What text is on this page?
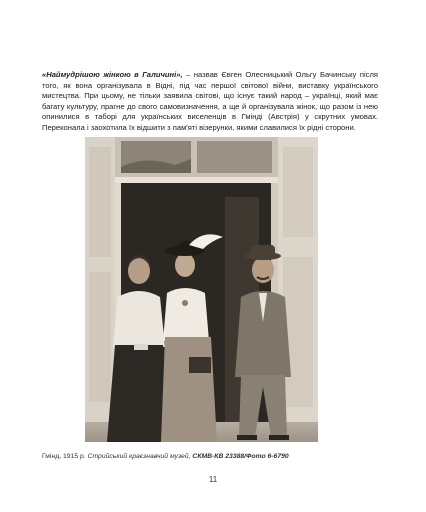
«Наймудрішою жінкою в Галичині», – назвав Євген Олесницький Ольгу Бачинську після того, як вона організувала в Відні, під час першої світової війни, виставку українського мистецтва. При цьому, не тільки заявила світові, що існує такий народ – українці, який має багату культуру, прагне до свого самовизначення, а ще й організувала жінок, що разом із нею опинилися в таборі для українських виселенців в Гмінді (Австрія) у скрутних умовах. Переконала і заохотила їх відшити з пам'яті візерунки, якими славилися їх рідні сторони.

Гмінд, 1915 р. Стрийський краєзнавчий музей, СКМВ-КВ 23388/Фото 6-6790
11
